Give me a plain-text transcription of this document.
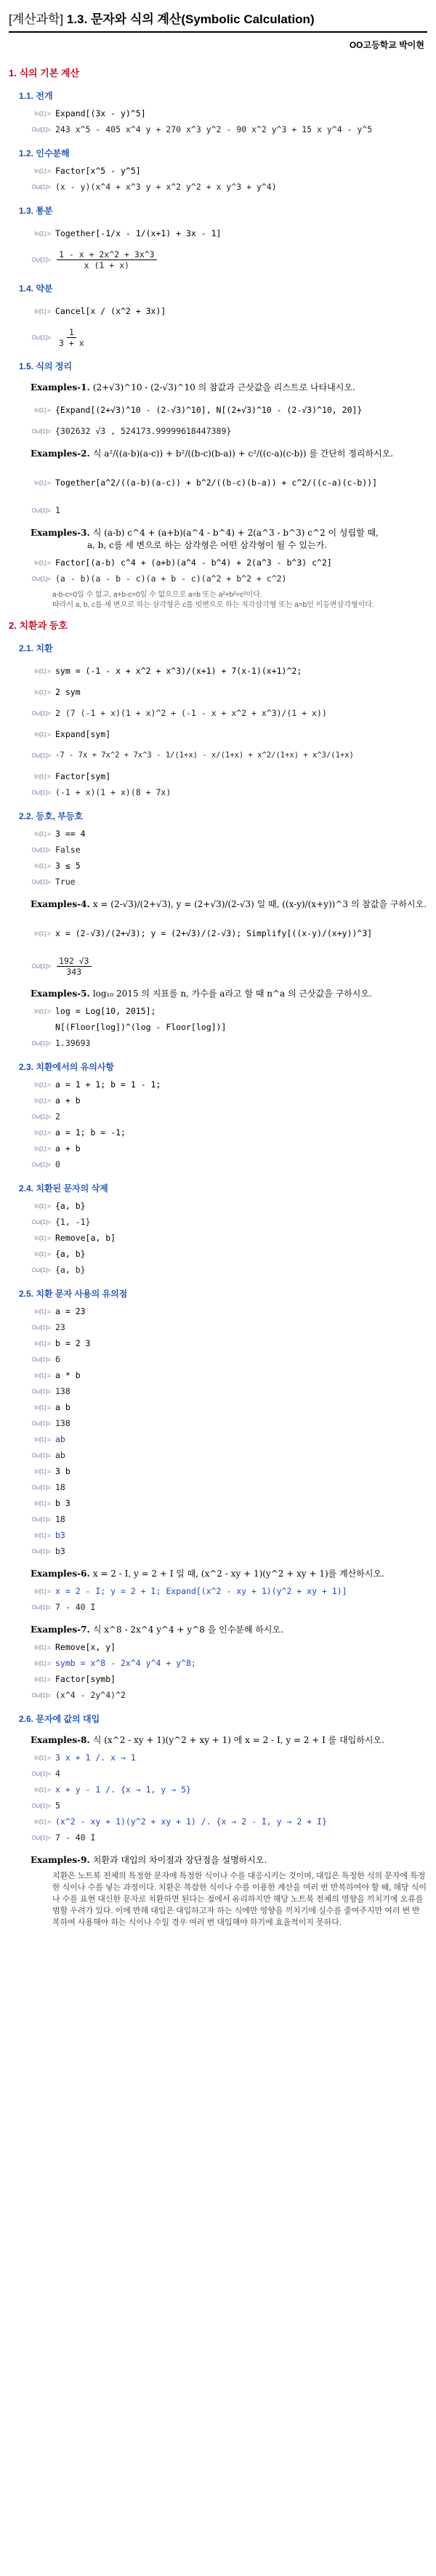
[계산과학] 1.3. 문자와 식의 계산(Symbolic Calculation)
OO고등학교 박이현
1. 식의 기본 계산
1.1. 전개
In[1]:= Expand[(3x - y)^5]
Out[1]= 243 x^5 - 405 x^4 y + 270 x^3 y^2 - 90 x^2 y^3 + 15 x y^4 - y^5
1.2. 인수분해
In[1]:= Factor[x^5 - y^5]
Out[1]= (x - y)(x^4 + x^3 y + x^2 y^2 + x y^3 + y^4)
1.3. 통분
In[1]:= Together[-1/x - 1/(x+1) + 3x - 1]
$Out[1]= \frac{1 - x + 2x\^{}2 + 3x\^{}3}{x (1 + x)}$
1.4. 약분
In[1]:= Cancel[x / (x^2 + 3x)]
$Out[1]= \frac{1}{3 + x}$
1.5. 식의 정리
Examples-1. (2+√3)^10 - (2-√3)^10 의 참값과 근삿값을 리스트로 나타내시오.
In[1]:= {Expand[(2+√3)^10 - (2-√3)^10], N[(2+√3)^10 - (2-√3)^10, 20]}
Out[1]= {302632 √3 , 524173.99999618447389}
Examples-2. 식 a²/((a-b)(a-c)) + b²/((b-c)(b-a)) + c²/((c-a)(c-b)) 를 간단히 정리하시오.
In[1]:= Together[a^2/((a-b)(a-c)) + b^2/((b-c)(b-a)) + c^2/((c-a)(c-b))]
Out[1]= 1
Examples-3. 식 (a-b) c^4 + (a+b)(a^4 - b^4) + 2(a^3 - b^3) c^2 이 성립할 때,
a, b, c를 세 변으로 하는 삼각형은 어떤 삼각형이 될 수 있는가.
In[1]:= Factor[(a-b) c^4 + (a+b)(a^4 - b^4) + 2(a^3 - b^3) c^2]
Out[1]= (a - b)(a - b - c)(a + b - c)(a^2 + b^2 + c^2)
a-b-c=0일 수 없고, a+b-c=0일 수 없으므로 a=b 또는 a²+b²=c²이다.
따라서 a, b, c를 세 변으로 하는 삼각형은 c를 빗변으로 하는 직각삼각형 또는 a=b인 이등변삼각형이다.
2. 치환과 등호
2.1. 치환
In[1]:= sym = (-1 - x + x^2 + x^3)/(x+1) + 7(x-1)(x+1)^2;
In[1]:= 2 sym
Out[1]= 2 (7 (-1 + x)(1 + x)^2 + (-1 - x + x^2 + x^3)/(1 + x))
In[1]:= Expand[sym]
Out[1]= -7 - 7x + 7x^2 + 7x^3 - 1/(1+x) - x/(1+x) + x^2/(1+x) + x^3/(1+x)
In[1]:= Factor[sym]
Out[1]= (-1 + x)(1 + x)(8 + 7x)
2.2. 등호, 부등호
In[1]:= 3 == 4
Out[1]= False
In[1]:= 3 ≤ 5
Out[1]= True
Examples-4. x = (2-√3)/(2+√3), y = (2+√3)/(2-√3) 일 때, ((x-y)/(x+y))^3 의 참값을 구하시오.
In[1]:= x = (2-√3)/(2+√3); y = (2+√3)/(2-√3); Simplify[((x-y)/(x+y))^3]
$Out[1]= \frac{192 √3}{343}$
Examples-5. log₁₀ 2015 의 지표를 n, 가수를 a라고 할 때 n^a 의 근삿값을 구하시오.
In[1]:= log = Log[10, 2015];
N[(Floor[log])^(log - Floor[log])]
Out[1]= 1.39693
2.3. 치환에서의 유의사항
In[1]:= a = 1 + 1; b = 1 - 1;
In[1]:= a + b
Out[1]= 2
In[1]:= a = 1; b = -1;
In[1]:= a + b
Out[1]= 0
2.4. 치환된 문자의 삭제
In[1]:= {a, b}
Out[1]= {1, -1}
In[1]:= Remove[a, b]
In[1]:= {a, b}
Out[1]= {a, b}
2.5. 치환 문자 사용의 유의점
In[1]:= a = 23
Out[1]= 23
In[1]:= b = 2 3
Out[1]= 6
In[1]:= a * b
Out[1]= 138
In[1]:= a b
Out[1]= 138
In[1]:= ab
Out[1]= ab
In[1]:= 3 b
Out[1]= 18
In[1]:= b 3
Out[1]= 18
In[1]:= b3
Out[1]= b3
Examples-6. x = 2 - I, y = 2 + I 일 때, (x^2 - xy + 1)(y^2 + xy + 1)를 계산하시오.
In[1]:= x = 2 - I; y = 2 + I; Expand[(x^2 - xy + 1)(y^2 + xy + 1)]
Out[1]= 7 - 40 I
Examples-7. 식 x^8 - 2x^4 y^4 + y^8 을 인수분해 하시오.
In[1]:= Remove[x, y]
In[1]:= symb = x^8 - 2x^4 y^4 + y^8;
In[1]:= Factor[symb]
Out[1]= (x^4 - 2y^4)^2
2.6. 문자에 값의 대입
Examples-8. 식 (x^2 - xy + 1)(y^2 + xy + 1) 에 x = 2 - I, y = 2 + I 를 대입하시오.
In[1]:= 3 x + 1 /. x → 1
Out[1]= 4
In[1]:= x + y - 1 /. {x → 1, y → 5}
Out[1]= 5
In[1]:= (x^2 - xy + 1)(y^2 + xy + 1) /. {x → 2 - I, y → 2 + I}
Out[1]= 7 - 40 I
Examples-9. 치환과 대입의 차이점과 장단점을 설명하시오.
치환은 노트북 전체의 특정한 문자에 특정한 식이나 수를 대응시키는 것이며, 대입은 특정한 식의 문자에 특정한 식이나 수를 넣는 과정이다. 치환은 복잡한 식이나 수를 이용한 계산을 여러 번 반복하여야 할 때, 해당 식이나 수를 표현 대신한 문자로 치환하면 된다는 점에서 유리하지만 해당 노트북 전체의 영향을 끼치기에 오류를 범할 우려가 있다. 이에 반해 대입은 대입하고자 하는 식에만 영향을 끼치기에 실수를 줄여주지만 여러 번 반복하여 사용해야 하는 식이나 수일 경우 여러 번 대입해야 하기에 효율적이지 못하다.
